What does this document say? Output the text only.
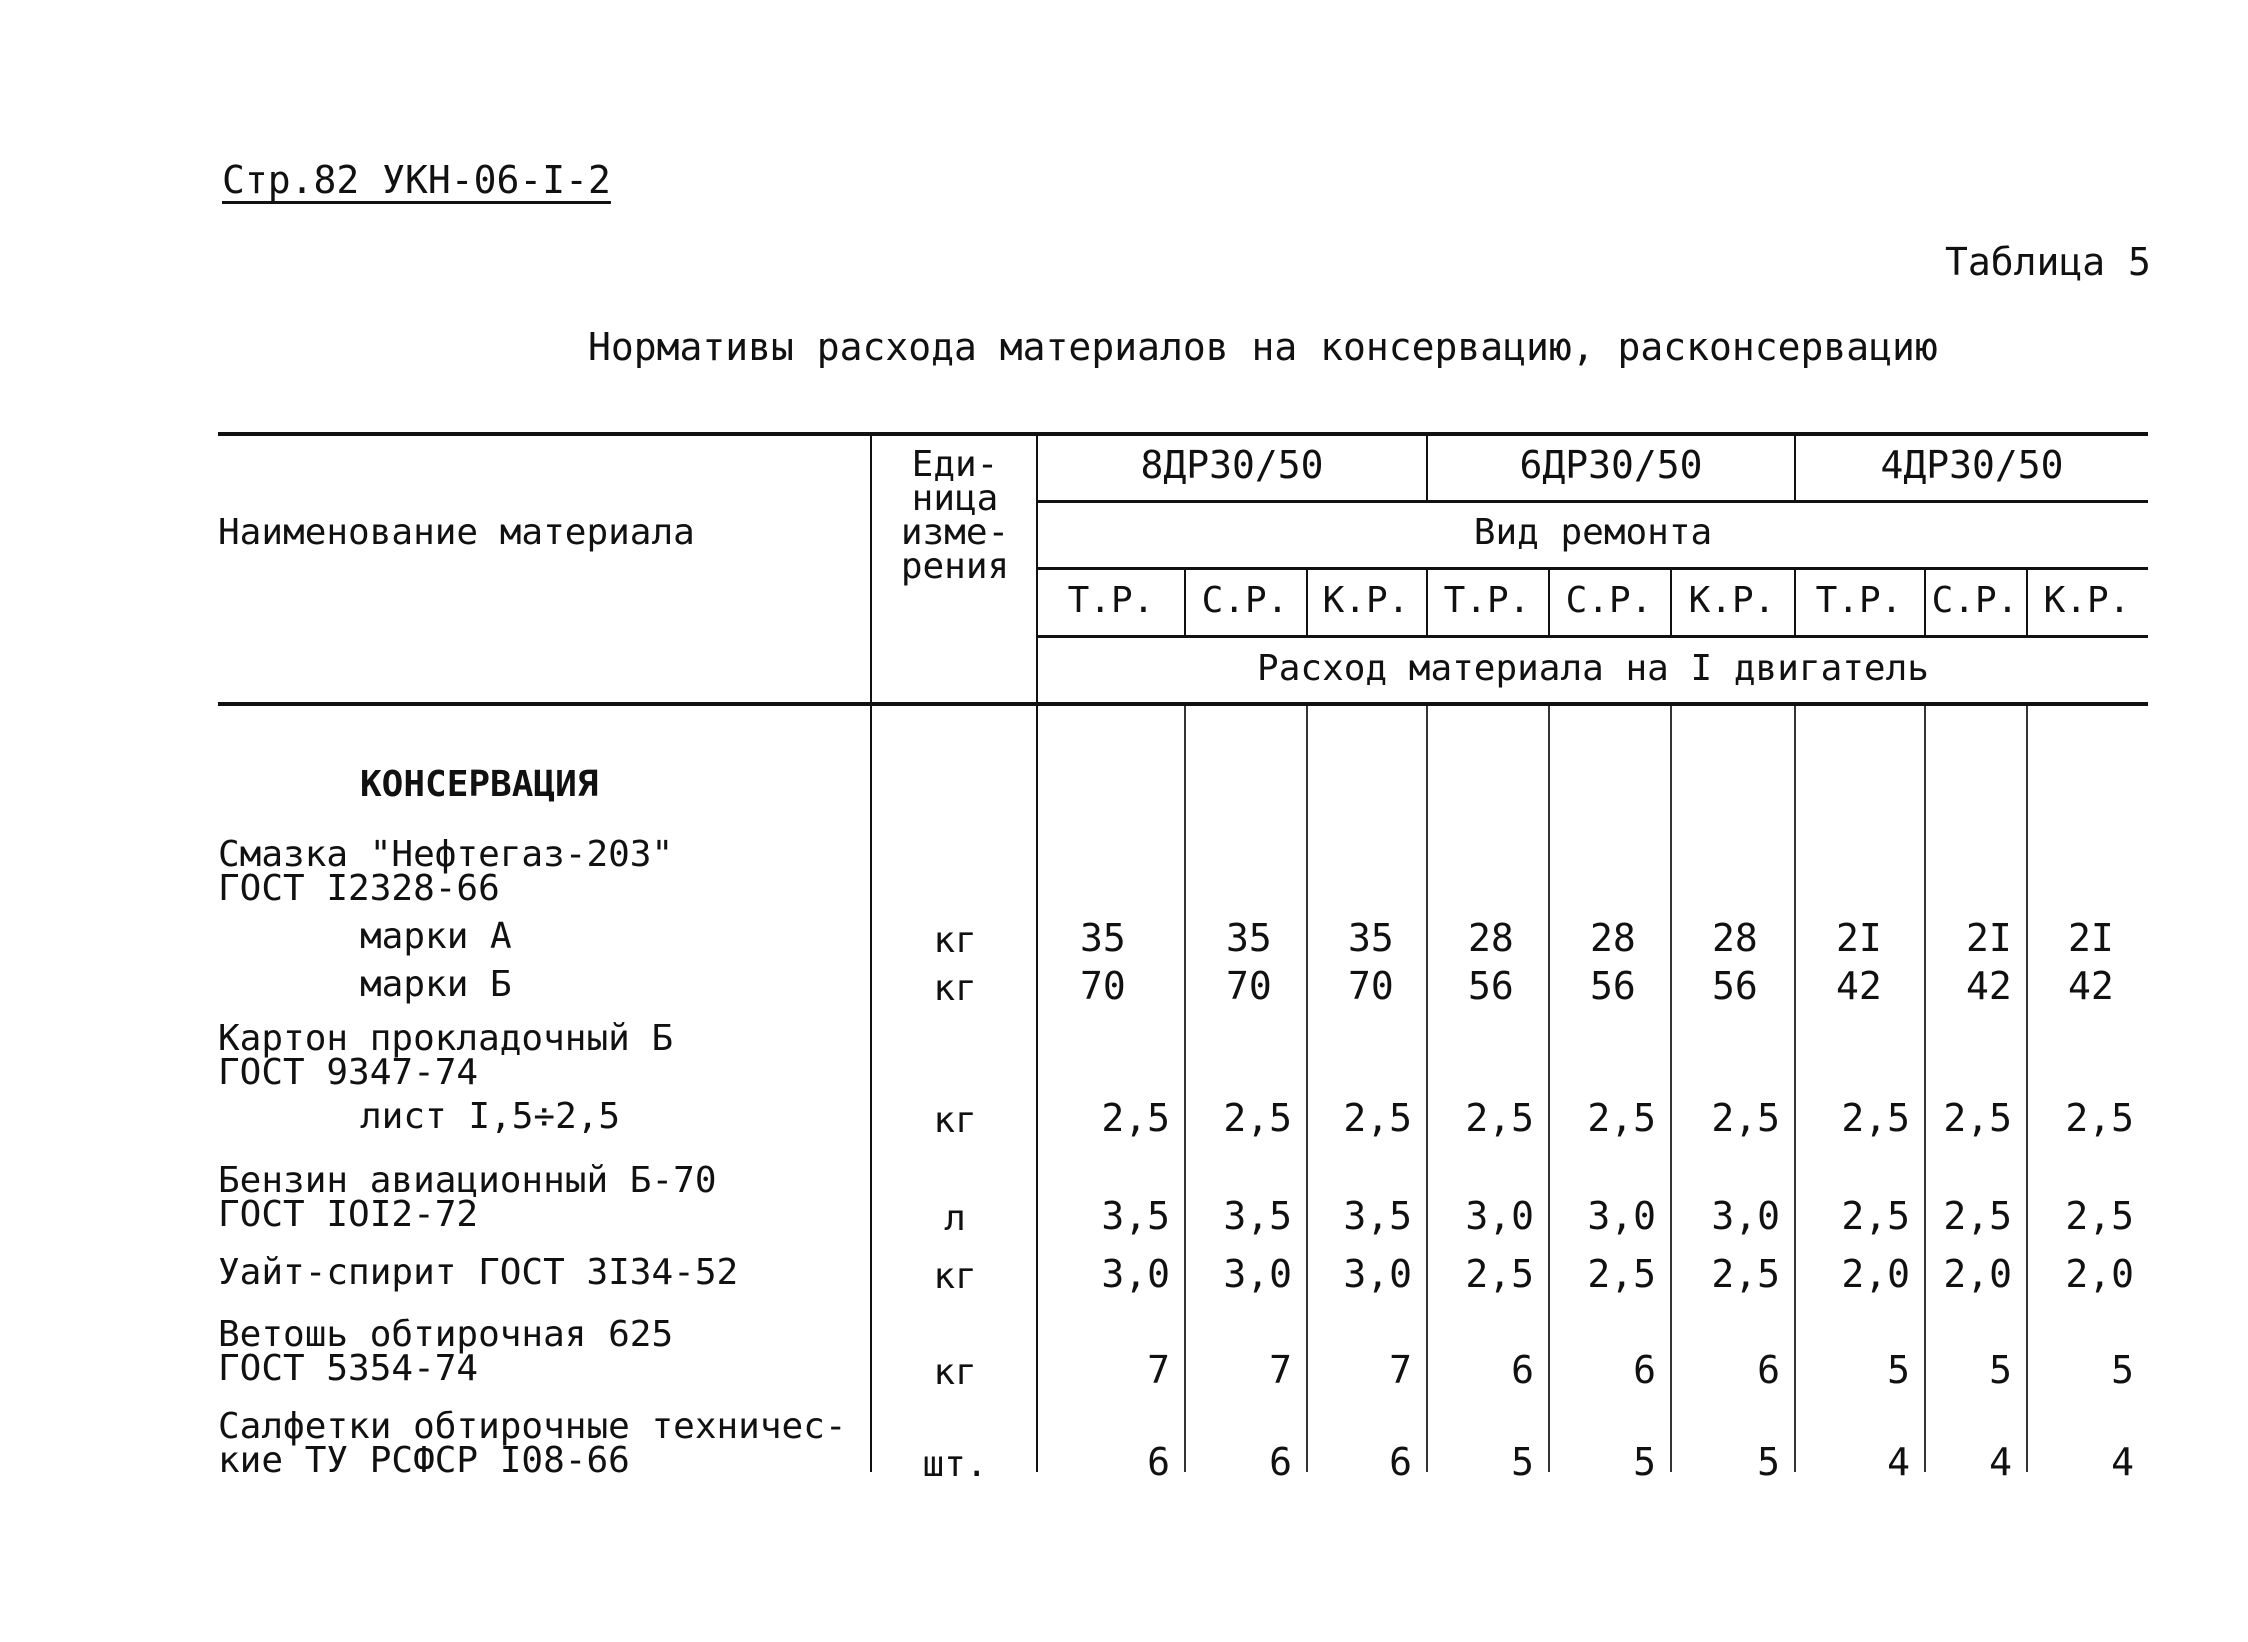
Стр.82 УКН-06-I-2
Таблица 5
Нормативы расхода материалов на консервацию, расконсервацию
Наименование материала
Еди-ница изме-рения
8ДР30/50	6ДР30/50	4ДР30/50
Вид ремонта
Т.Р.	С.Р. К.Р. Т.Р. С.Р.	К.Р.	Т.Р. С.Р. К.Р.
Расход материала на I двигатель
КОНСЕРВАЦИЯ
Смазка "Нефтегаз-203"
ГОСТ I2328-66
марки А	кг	35	35 35 28 28 28 2I 2I 2I
марки Б	кг	70	70 70 56 56 56 42 42 42
Картон прокладочный Б
ГОСТ 9347-74
лист I,5÷2,5	кг	2,5	2,5	2,5	2,5	2,5	2,5	2,5 2,5	2,5
Бензин авиационный Б-70
ГОСТ IOI2-72	л	3,5	3,5	3,5	3,0	3,0	3,0	2,5 2,5	2,5
Уайт-спирит ГОСТ 3I34-52	кг	3,0	3,0	3,0	2,5	2,5	2,5	2,0 2,0	2,0
Ветошь обтирочная 625
ГОСТ 5354-74	кг	7	7	7	6	6	6	5	5	5
Салфетки обтирочные техничес-
кие ТУ РСФСР I08-66	шт.	6	6	6	5	5	5	4	4	4
